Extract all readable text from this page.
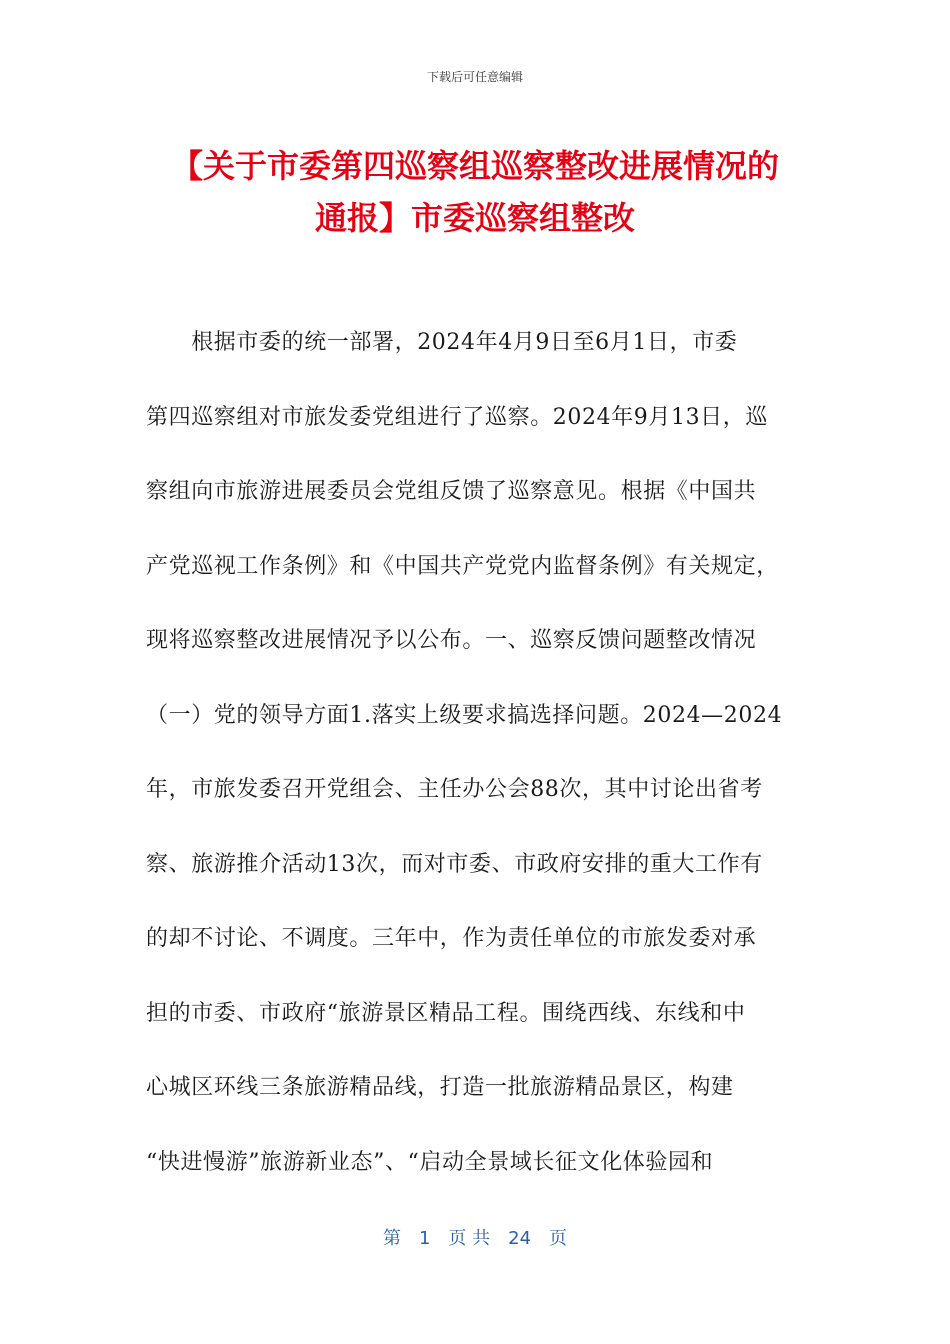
下载后可任意编辑
【关于市委第四巡察组巡察整改进展情况的
通报】市委巡察组整改
　　根据市委的统一部署，2024年4月9日至6月1日，市委
第四巡察组对市旅发委党组进行了巡察。2024年9月13日，巡
察组向市旅游进展委员会党组反馈了巡察意见。根据《中国共
产党巡视工作条例》和《中国共产党党内监督条例》有关规定，
现将巡察整改进展情况予以公布。一、巡察反馈问题整改情况
（一）党的领导方面1.落实上级要求搞选择问题。2024—2024
年，市旅发委召开党组会、主任办公会88次，其中讨论出省考
察、旅游推介活动13次，而对市委、市政府安排的重大工作有
的却不讨论、不调度。三年中，作为责任单位的市旅发委对承
担的市委、市政府“旅游景区精品工程。围绕西线、东线和中
心城区环线三条旅游精品线，打造一批旅游精品景区，构建
“快进慢游”旅游新业态”、“启动全景域长征文化体验园和
第　1　页 共　24　页
